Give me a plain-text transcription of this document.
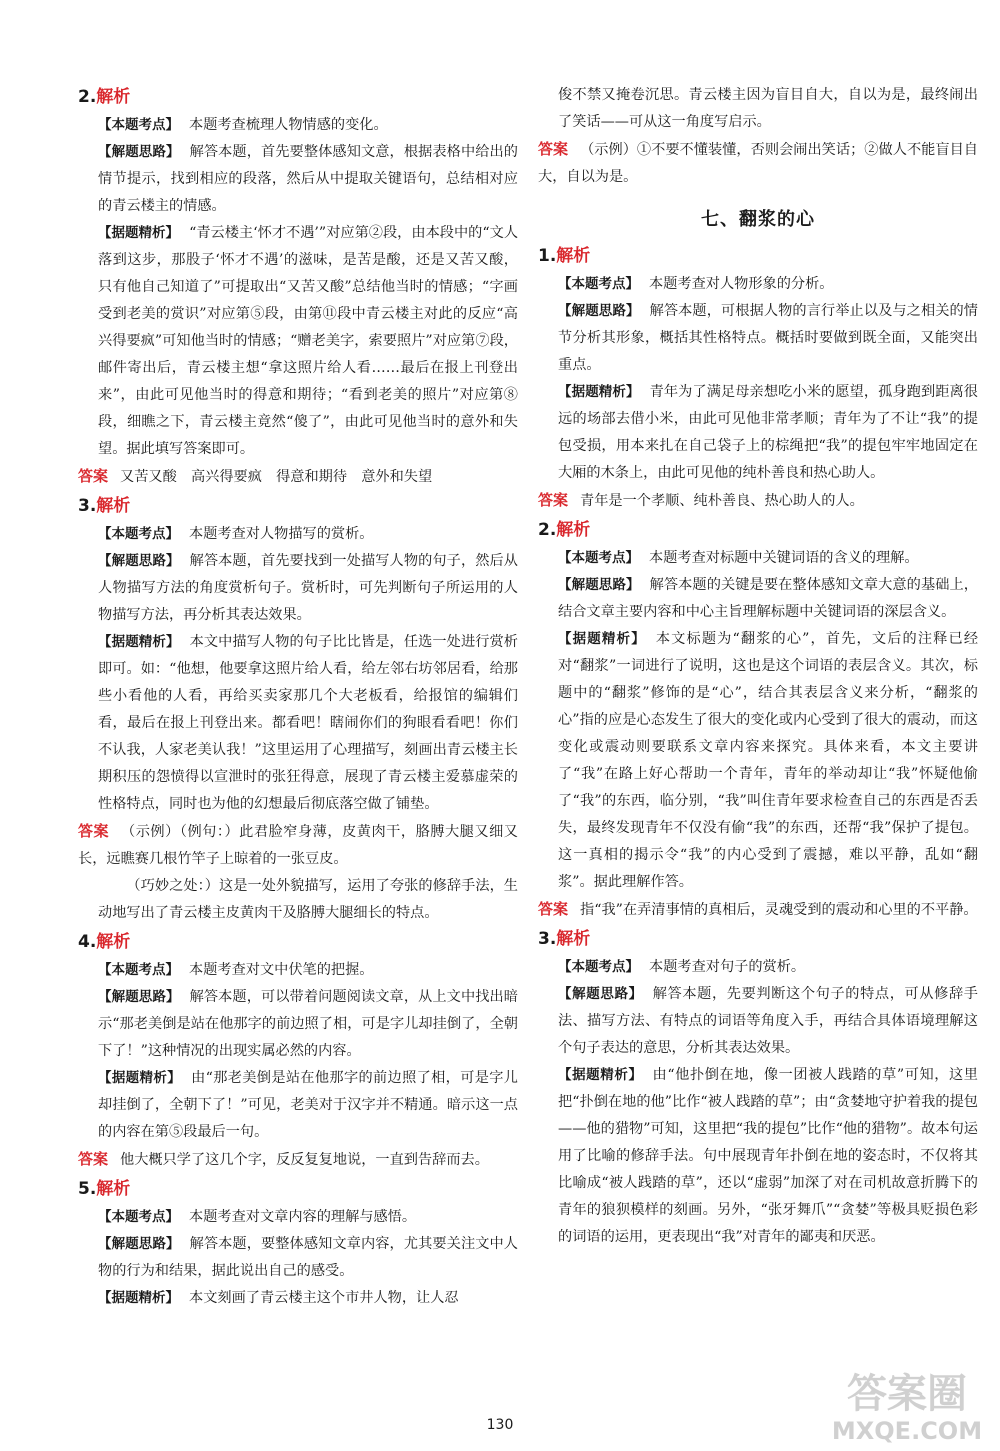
2.解析
【本题考点】 本题考查梳理人物情感的变化。
【解题思路】 解答本题，首先要整体感知文意，根据表格中给出的情节提示，找到相应的段落，然后从中提取关键语句，总结相对应的青云楼主的情感。
【据题精析】 “青云楼主‘怀才不遇’”对应第②段，由本段中的“文人落到这步，那股子‘怀才不遇’的滋味，是苦是酸，还是又苦又酸，只有他自己知道了”可提取出“又苦又酸”总结他当时的情感；“字画受到老美的赏识”对应第⑤段，由第⑪段中青云楼主对此的反应“高兴得要疯”可知他当时的情感；“赠老美字，索要照片”对应第⑦段，邮件寄出后，青云楼主想“拿这照片给人看……最后在报上刊登出来”，由此可见他当时的得意和期待；“看到老美的照片”对应第⑧段，细瞧之下，青云楼主竟然“傻了”，由此可见他当时的意外和失望。据此填写答案即可。
答案 又苦又酸　高兴得要疯　得意和期待　意外和失望
3.解析
【本题考点】 本题考查对人物描写的赏析。
【解题思路】 解答本题，首先要找到一处描写人物的句子，然后从人物描写方法的角度赏析句子。赏析时，可先判断句子所运用的人物描写方法，再分析其表达效果。
【据题精析】 本文中描写人物的句子比比皆是，任选一处进行赏析即可。如：“他想，他要拿这照片给人看，给左邻右坊邻居看，给那些小看他的人看，再给买卖家那几个大老板看，给报馆的编辑们看，最后在报上刊登出来。都看吧！瞎闹你们的狗眼看看吧！你们不认我，人家老美认我！”这里运用了心理描写，刻画出青云楼主长期积压的怨愤得以宣泄时的张狂得意，展现了青云楼主爱慕虚荣的性格特点，同时也为他的幻想最后彻底落空做了铺垫。
答案 （示例）（例句：）此君脸窄身薄，皮黄肉干，胳膊大腿又细又长，远瞧赛几根竹竿子上晾着的一张豆皮。
（巧妙之处：）这是一处外貌描写，运用了夸张的修辞手法，生动地写出了青云楼主皮黄肉干及胳膊大腿细长的特点。
4.解析
【本题考点】 本题考查对文中伏笔的把握。
【解题思路】 解答本题，可以带着问题阅读文章，从上文中找出暗示“那老美倒是站在他那字的前边照了相，可是字儿却挂倒了，全朝下了！”这种情况的出现实属必然的内容。
【据题精析】 由“那老美倒是站在他那字的前边照了相，可是字儿却挂倒了，全朝下了！”可见，老美对于汉字并不精通。暗示这一点的内容在第⑤段最后一句。
答案 他大概只学了这几个字，反反复复地说，一直到告辞而去。
5.解析
【本题考点】 本题考查对文章内容的理解与感悟。
【解题思路】 解答本题，要整体感知文章内容，尤其要关注文中人物的行为和结果，据此说出自己的感受。
【据题精析】 本文刻画了青云楼主这个市井人物，让人忍
俊不禁又掩卷沉思。青云楼主因为盲目自大，自以为是，最终闹出了笑话——可从这一角度写启示。
答案 （示例）①不要不懂装懂，否则会闹出笑话；②做人不能盲目自大，自以为是。
七、翻浆的心
1.解析
【本题考点】 本题考查对人物形象的分析。
【解题思路】 解答本题，可根据人物的言行举止以及与之相关的情节分析其形象，概括其性格特点。概括时要做到既全面，又能突出重点。
【据题精析】 青年为了满足母亲想吃小米的愿望，孤身跑到距离很远的场部去借小米，由此可见他非常孝顺；青年为了不让“我”的提包受损，用本来扎在自己袋子上的棕绳把“我”的提包牢牢地固定在大厢的木条上，由此可见他的纯朴善良和热心助人。
答案 青年是一个孝顺、纯朴善良、热心助人的人。
2.解析
【本题考点】 本题考查对标题中关键词语的含义的理解。
【解题思路】 解答本题的关键是要在整体感知文章大意的基础上，结合文章主要内容和中心主旨理解标题中关键词语的深层含义。
【据题精析】 本文标题为“翻浆的心”，首先，文后的注释已经对“翻浆”一词进行了说明，这也是这个词语的表层含义。其次，标题中的“翻浆”修饰的是“心”，结合其表层含义来分析，“翻浆的心”指的应是心态发生了很大的变化或内心受到了很大的震动，而这变化或震动则要联系文章内容来探究。具体来看，本文主要讲了“我”在路上好心帮助一个青年，青年的举动却让“我”怀疑他偷了“我”的东西，临分别，“我”叫住青年要求检查自己的东西是否丢失，最终发现青年不仅没有偷“我”的东西，还帮“我”保护了提包。这一真相的揭示令“我”的内心受到了震撼，难以平静，乱如“翻浆”。据此理解作答。
答案 指“我”在弄清事情的真相后，灵魂受到的震动和心里的不平静。
3.解析
【本题考点】 本题考查对句子的赏析。
【解题思路】 解答本题，先要判断这个句子的特点，可从修辞手法、描写方法、有特点的词语等角度入手，再结合具体语境理解这个句子表达的意思，分析其表达效果。
【据题精析】 由“他扑倒在地，像一团被人践踏的草”可知，这里把“扑倒在地的他”比作“被人践踏的草”；由“贪婪地守护着我的提包——他的猎物”可知，这里把“我的提包”比作“他的猎物”。故本句运用了比喻的修辞手法。句中展现青年扑倒在地的姿态时，不仅将其比喻成“被人践踏的草”，还以“虚弱”加深了对在司机故意折腾下的青年的狼狈模样的刻画。另外，“张牙舞爪”“贪婪”等极具贬损色彩的词语的运用，更表现出“我”对青年的鄙夷和厌恶。
130
答案圈
MXQE.COM
